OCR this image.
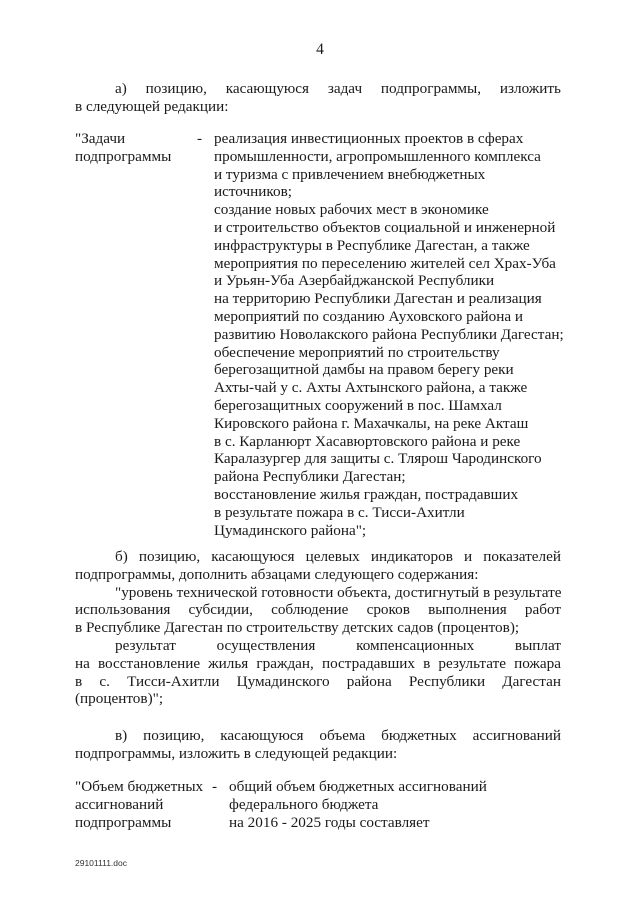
4
а) позицию, касающуюся задач подпрограммы, изложить
в следующей редакции:
"Задачи
подпрограммы
- реализация инвестиционных проектов в сферах
промышленности, агропромышленного комплекса
и туризма с привлечением внебюджетных
источников;
создание новых рабочих мест в экономике
и строительство объектов социальной и инженерной
инфраструктуры в Республике Дагестан, а также
мероприятия по переселению жителей сел Храх-Уба
и Урьян-Уба Азербайджанской Республики
на территорию Республики Дагестан и реализация
мероприятий по созданию Ауховского района и
развитию Новолакского района Республики Дагестан;
обеспечение мероприятий по строительству
берегозащитной дамбы на правом берегу реки
Ахты-чай у с. Ахты Ахтынского района, а также
берегозащитных сооружений в пос. Шамхал
Кировского района г. Махачкалы, на реке Акташ
в с. Карланюрт Хасавюртовского района и реке
Каралазургер для защиты с. Тлярош Чародинского
района Республики Дагестан;
восстановление жилья граждан, пострадавших
в результате пожара в с. Тисси-Ахитли
Цумадинского района";
б) позицию, касающуюся целевых индикаторов и показателей
подпрограммы, дополнить абзацами следующего содержания:
"уровень технической готовности объекта, достигнутый в результате
использования субсидии, соблюдение сроков выполнения работ
в Республике Дагестан по строительству детских садов (процентов);
результат осуществления компенсационных выплат
на восстановление жилья граждан, пострадавших в результате пожара
в с. Тисси-Ахитли Цумадинского района Республики Дагестан
(процентов)";
в) позицию, касающуюся объема бюджетных ассигнований
подпрограммы, изложить в следующей редакции:
"Объем бюджетных
ассигнований
подпрограммы
- общий объем бюджетных ассигнований
федерального бюджета
на 2016 - 2025 годы составляет
29101111.doc
